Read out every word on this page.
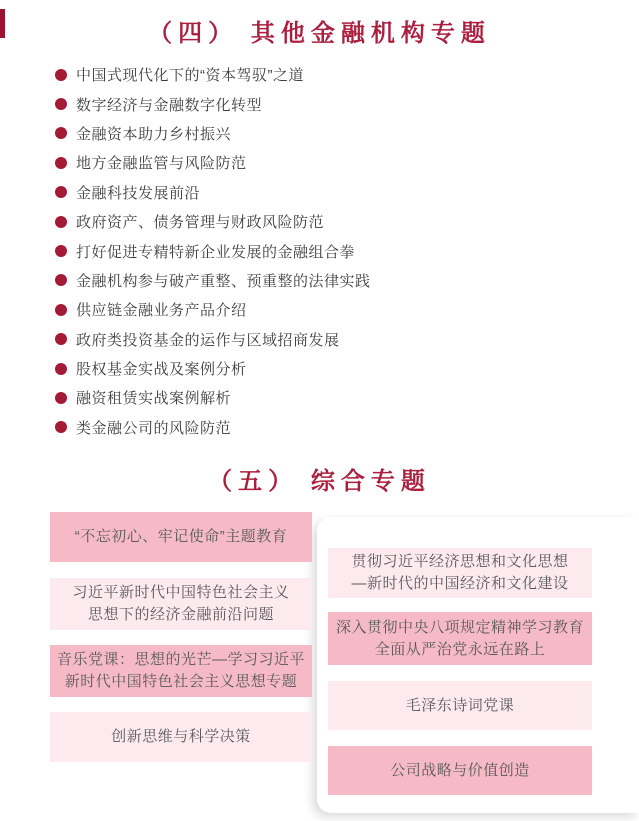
（四） 其他金融机构专题
中国式现代化下的“资本驾驭”之道
数字经济与金融数字化转型
金融资本助力乡村振兴
地方金融监管与风险防范
金融科技发展前沿
政府资产、债务管理与财政风险防范
打好促进专精特新企业发展的金融组合拳
金融机构参与破产重整、预重整的法律实践
供应链金融业务产品介绍
政府类投资基金的运作与区域招商发展
股权基金实战及案例分析
融资租赁实战案例解析
类金融公司的风险防范
（五） 综合专题
“不忘初心、牢记使命”主题教育
习近平新时代中国特色社会主义
思想下的经济金融前沿问题
音乐党课：思想的光芒—学习习近平
新时代中国特色社会主义思想专题
创新思维与科学决策
贯彻习近平经济思想和文化思想
—新时代的中国经济和文化建设
深入贯彻中央八项规定精神学习教育
全面从严治党永远在路上
毛泽东诗词党课
公司战略与价值创造
